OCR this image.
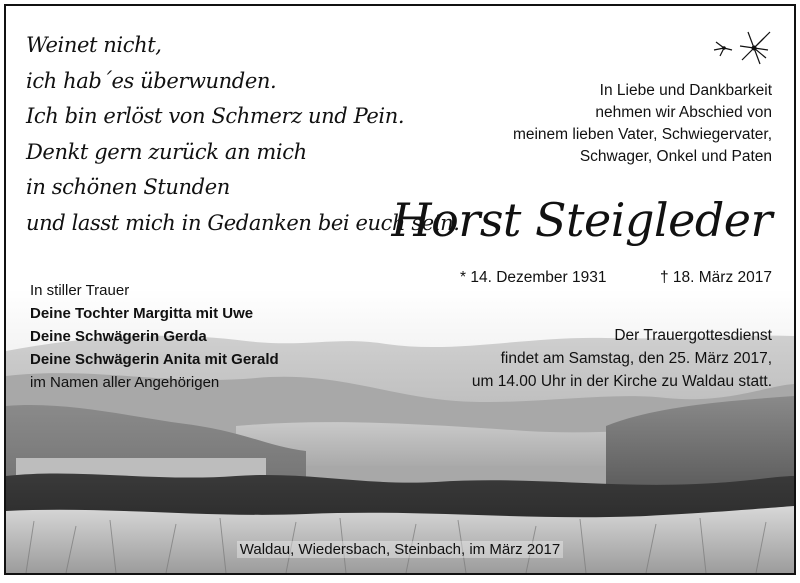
Weinet nicht,
ich hab´es überwunden.
Ich bin erlöst von Schmerz und Pein.
Denkt gern zurück an mich
in schönen Stunden
und lasst mich in Gedanken bei euch sein.
In Liebe und Dankbarkeit
nehmen wir Abschied von
meinem lieben Vater, Schwiegervater,
Schwager, Onkel und Paten
Horst Steigleder
* 14. Dezember 1931	† 18. März 2017
In stiller Trauer
Deine Tochter Margitta mit Uwe
Deine Schwägerin Gerda
Deine Schwägerin Anita mit Gerald
im Namen aller Angehörigen
Der Trauergottesdienst
findet am Samstag, den 25. März 2017,
um 14.00 Uhr in der Kirche zu Waldau statt.
Waldau, Wiedersbach, Steinbach, im März 2017
